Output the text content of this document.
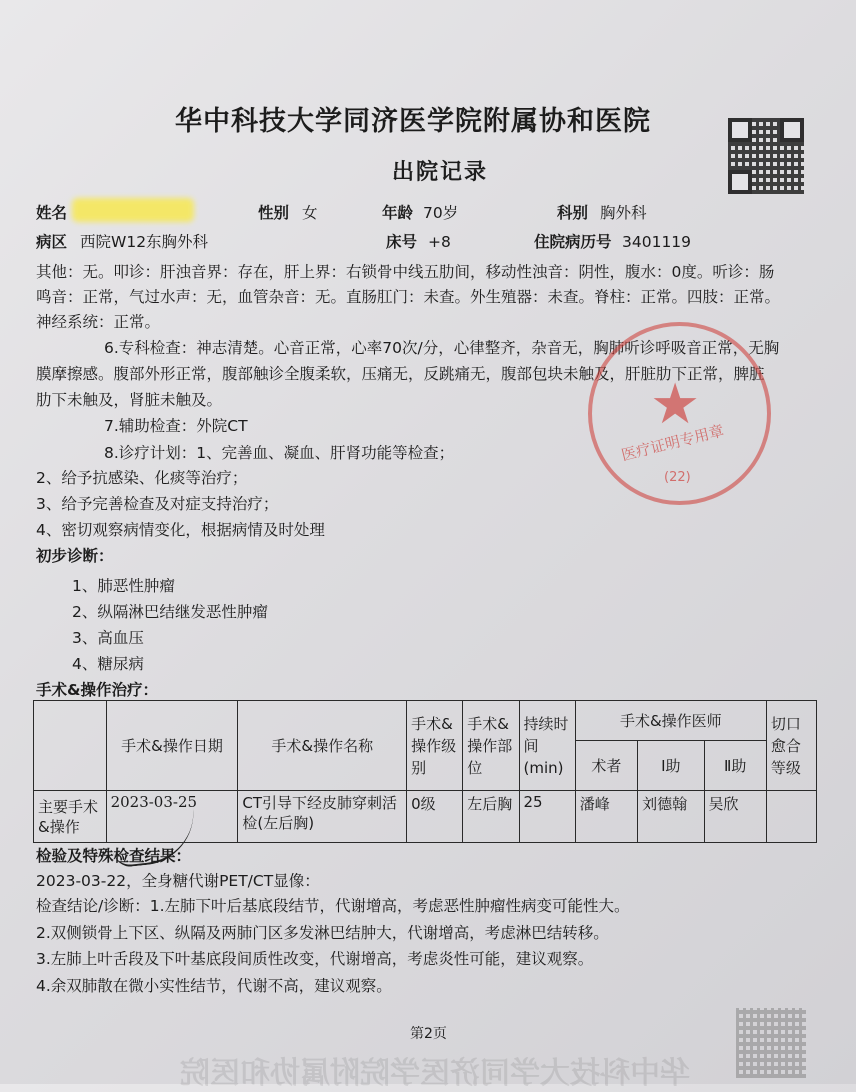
华中科技大学同济医学院附属协和医院
出院记录
姓名	性别 女	年龄 70岁	科别 胸外科
病区 西院W12东胸外科	床号 +8	住院病历号 3401119
其他：无。叩诊：肝浊音界：存在，肝上界：右锁骨中线五肋间，移动性浊音：阴性，腹水：0度。听诊：肠
鸣音：正常，气过水声：无，血管杂音：无。直肠肛门：未查。外生殖器：未查。脊柱：正常。四肢：正常。
神经系统：正常。
6.专科检查：神志清楚。心音正常，心率70次/分，心律整齐，杂音无，胸肺听诊呼吸音正常，无胸
膜摩擦感。腹部外形正常，腹部触诊全腹柔软，压痛无，反跳痛无，腹部包块未触及，肝脏肋下正常，脾脏
肋下未触及，肾脏未触及。
7.辅助检查：外院CT
8.诊疗计划：1、完善血、凝血、肝肾功能等检查；
2、给予抗感染、化痰等治疗；
3、给予完善检查及对症支持治疗；
4、密切观察病情变化，根据病情及时处理
★
医疗证明专用章
(22)
初步诊断：
1、肺恶性肿瘤
2、纵隔淋巴结继发恶性肿瘤
3、高血压
4、糖尿病
手术&操作治疗：
	手术&操作日期	手术&操作名称	手术&操作级别	手术&操作部位	持续时间(min)	手术&操作医师			切口愈合等级
						术者	Ⅰ助	Ⅱ助	
主要手术&操作	2023-03-25	CT引导下经皮肺穿刺活检(左后胸)	0级	左后胸	25	潘峰	刘德翰	吴欣	
检验及特殊检查结果：
2023-03-22，全身糖代谢PET/CT显像：
检查结论/诊断：1.左肺下叶后基底段结节，代谢增高，考虑恶性肿瘤性病变可能性大。
2.双侧锁骨上下区、纵隔及两肺门区多发淋巴结肿大，代谢增高，考虑淋巴结转移。
3.左肺上叶舌段及下叶基底段间质性改变，代谢增高，考虑炎性可能，建议观察。
4.余双肺散在微小实性结节，代谢不高，建议观察。
第2页
华中科技大学同济医学院附属协和医院
